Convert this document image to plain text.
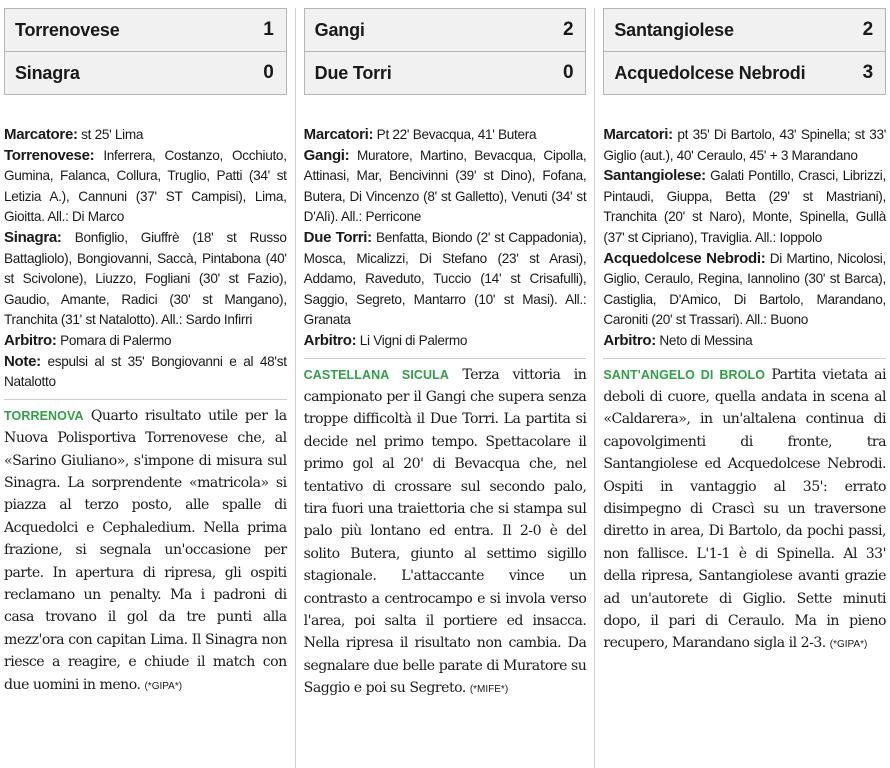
Torrenovese	1
Sinagra	0

Marcatore: st 25' Lima

Torrenovese: Inferrera, Costanzo, Occhiuto, Gumina, Falanca, Collura, Truglio, Patti (34' st Letizia A.), Cannuni (37' ST Campisi), Lima, Gioitta. All.: Di Marco

Sinagra: Bonfiglio, Giuffrè (18' st Russo Battagliolo), Bongiovanni, Saccà, Pintabona (40' st Scivolone), Liuzzo, Fogliani (30' st Fazio), Gaudio, Amante, Radici (30' st Mangano), Tranchita (31' st Natalotto). All.: Sardo Infirri

Arbitro: Pomara di Palermo

Note: espulsi al st 35' Bongiovanni e al 48'st Natalotto

TORRENOVA Quarto risultato utile per la Nuova Polisportiva Torrenovese che, al «Sarino Giuliano», s'impone di misura sul Sinagra. La sorprendente «matricola» si piazza al terzo posto, alle spalle di Acquedolci e Cephaledium. Nella prima frazione, si segnala un'occasione per parte. In apertura di ripresa, gli ospiti reclamano un penalty. Ma i padroni di casa trovano il gol da tre punti alla mezz'ora con capitan Lima. Il Sinagra non riesce a reagire, e chiude il match con due uomini in meno. (*GIPA*)

Gangi	2
Due Torri	0

Marcatori: Pt 22' Bevacqua, 41' Butera

Gangi: Muratore, Martino, Bevacqua, Cipolla, Attinasi, Mar, Bencivinni (39' st Dino), Fofana, Butera, Di Vincenzo (8' st Galletto), Venuti (34' st D'Alì). All.: Perricone

Due Torri: Benfatta, Biondo (2' st Cappadonia), Mosca, Micalizzi, Di Stefano (23' st Arasi), Addamo, Raveduto, Tuccio (14' st Crisafulli), Saggio, Segreto, Mantarro (10' st Masi). All.: Granata

Arbitro: Li Vigni di Palermo

CASTELLANA SICULA Terza vittoria in campionato per il Gangi che supera senza troppe difficoltà il Due Torri. La partita si decide nel primo tempo. Spettacolare il primo gol al 20' di Bevacqua che, nel tentativo di crossare sul secondo palo, tira fuori una traiettoria che si stampa sul palo più lontano ed entra. Il 2-0 è del solito Butera, giunto al settimo sigillo stagionale. L'attaccante vince un contrasto a centrocampo e si invola verso l'area, poi salta il portiere ed insacca. Nella ripresa il risultato non cambia. Da segnalare due belle parate di Muratore su Saggio e poi su Segreto. (*MIFE*)

Santangiolese	2
Acquedolcese Nebrodi	3

Marcatori: pt 35' Di Bartolo, 43' Spinella; st 33' Giglio (aut.), 40' Ceraulo, 45' + 3 Marandano

Santangiolese: Galati Pontillo, Crasci, Librizzi, Pintaudi, Giuppa, Betta (29' st Mastriani), Tranchita (20' st Naro), Monte, Spinella, Gullà (37' st Cipriano), Traviglia. All.: Ioppolo

Acquedolcese Nebrodi: Di Martino, Nicolosi, Giglio, Ceraulo, Regina, Iannolino (30' st Barca), Castiglia, D'Amico, Di Bartolo, Marandano, Caroniti (20' st Trassari). All.: Buono

Arbitro: Neto di Messina

SANT'ANGELO DI BROLO Partita vietata ai deboli di cuore, quella andata in scena al «Caldarera», in un'altalena continua di capovolgimenti di fronte, tra Santangiolese ed Acquedolcese Nebrodi. Ospiti in vantaggio al 35': errato disimpegno di Crascì su un traversone diretto in area, Di Bartolo, da pochi passi, non fallisce. L'1-1 è di Spinella. Al 33' della ripresa, Santangiolese avanti grazie ad un'autorete di Giglio. Sette minuti dopo, il pari di Ceraulo. Ma in pieno recupero, Marandano sigla il 2-3. (*GIPA*)
